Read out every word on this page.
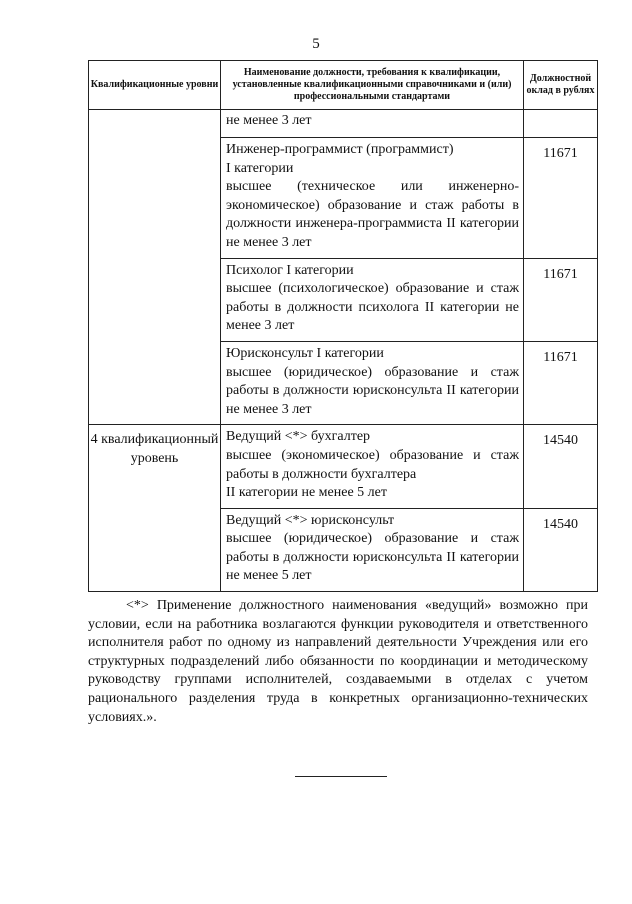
5
Квалификационные уровни	Наименование должности, требования к квалификации, установленные квалификационными справочниками и (или) профессиональными стандартами	Должностной оклад в рублях
	не менее 3 лет	

	Инженер-программист (программист)
I категории
высшее (техническое или инженерно-экономическое) образование и стаж работы в должности инженера-программиста II категории не менее 3 лет	11671

	Психолог I категории
высшее (психологическое) образование и стаж работы в должности психолога II категории не менее 3 лет	11671

	Юрисконсульт I категории
высшее (юридическое) образование и стаж работы в должности юрисконсульта II категории не менее 3 лет	11671
4 квалификационный уровень	Ведущий <*> бухгалтер
высшее (экономическое) образование и стаж работы в должности бухгалтера
II категории не менее 5 лет	14540

	Ведущий <*> юрисконсульт
высшее (юридическое) образование и стаж работы в должности юрисконсульта II категории не менее 5 лет	14540
<*> Применение должностного наименования «ведущий» возможно при условии, если на работника возлагаются функции руководителя и ответственного исполнителя работ по одному из направлений деятельности Учреждения или его структурных подразделений либо обязанности по координации и методическому руководству группами исполнителей, создаваемыми в отделах с учетом рационального разделения труда в конкретных организационно-технических условиях.».
